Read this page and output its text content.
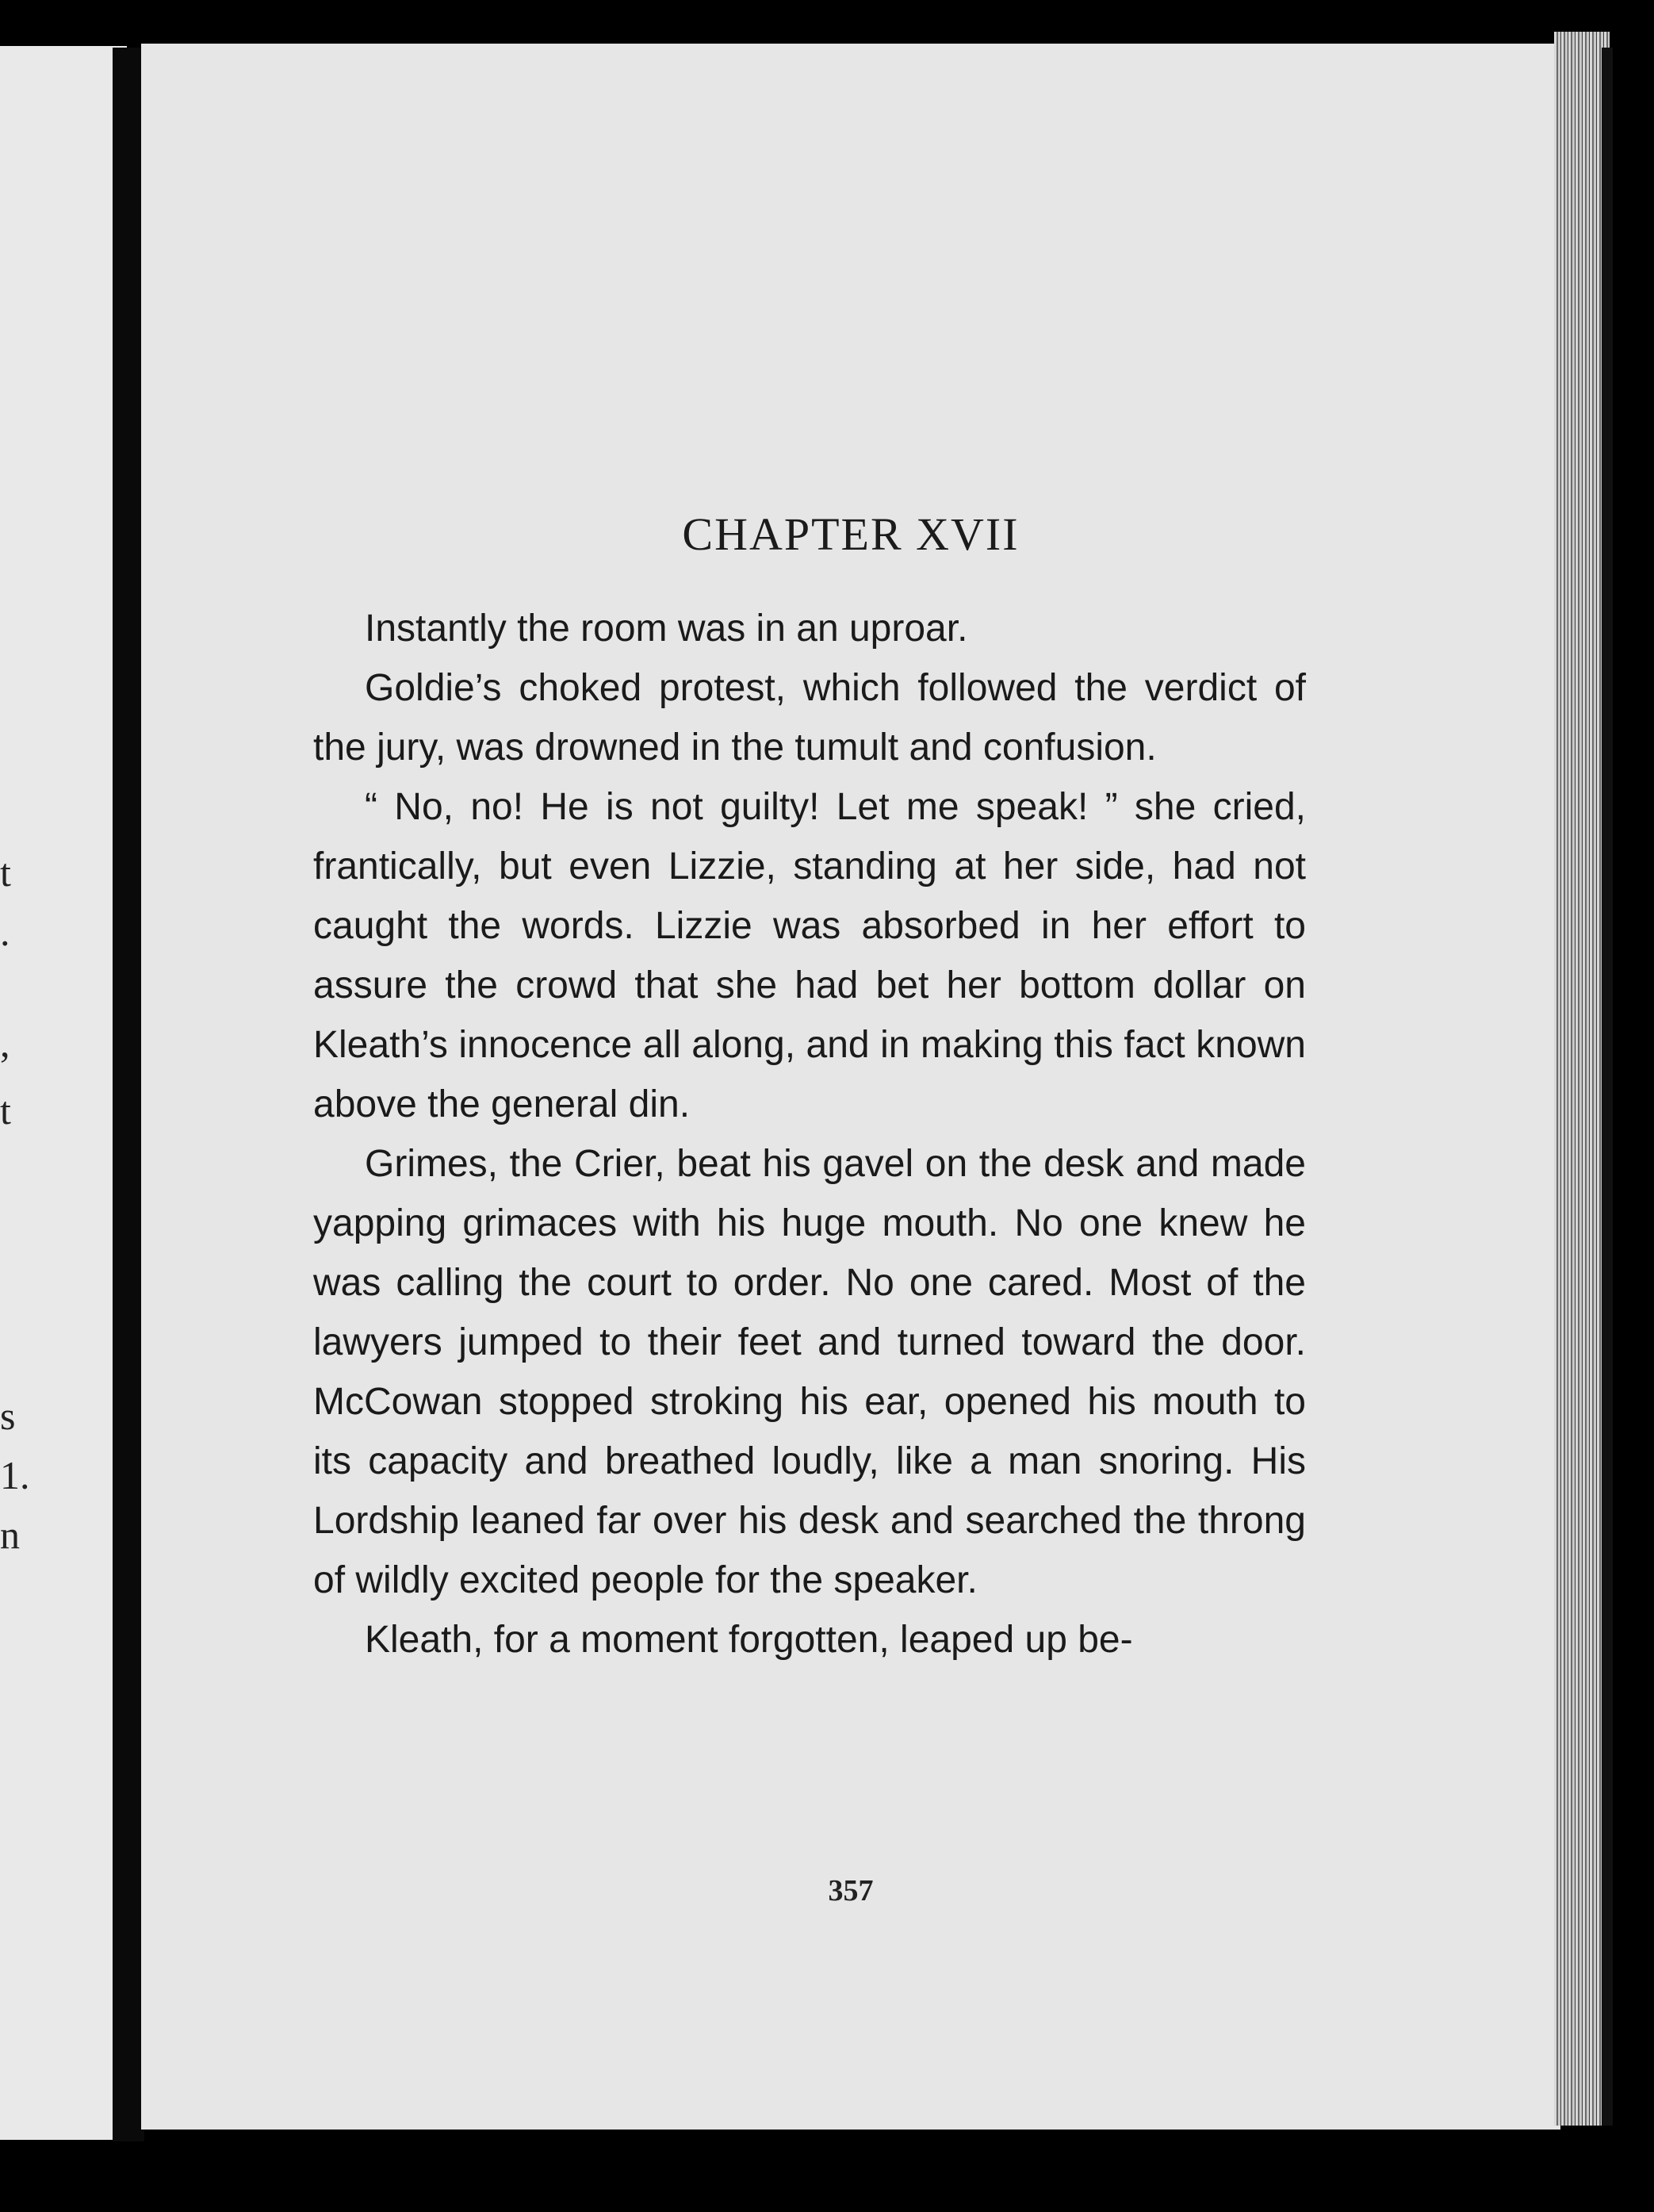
t
.
,
t
s
1.
n
CHAPTER XVII

Instantly the room was in an uproar.

Goldie’s choked protest, which followed the verdict of the jury, was drowned in the tumult and confusion.

“ No, no! He is not guilty! Let me speak! ” she cried, frantically, but even Lizzie, standing at her side, had not caught the words. Lizzie was absorbed in her effort to assure the crowd that she had bet her bottom dollar on Kleath’s innocence all along, and in making this fact known above the general din.

Grimes, the Crier, beat his gavel on the desk and made yapping grimaces with his huge mouth. No one knew he was calling the court to order. No one cared. Most of the lawyers jumped to their feet and turned toward the door. McCowan stopped stroking his ear, opened his mouth to its capacity and breathed loudly, like a man snoring. His Lordship leaned far over his desk and searched the throng of wildly excited people for the speaker.

Kleath, for a moment forgotten, leaped up be-

357
